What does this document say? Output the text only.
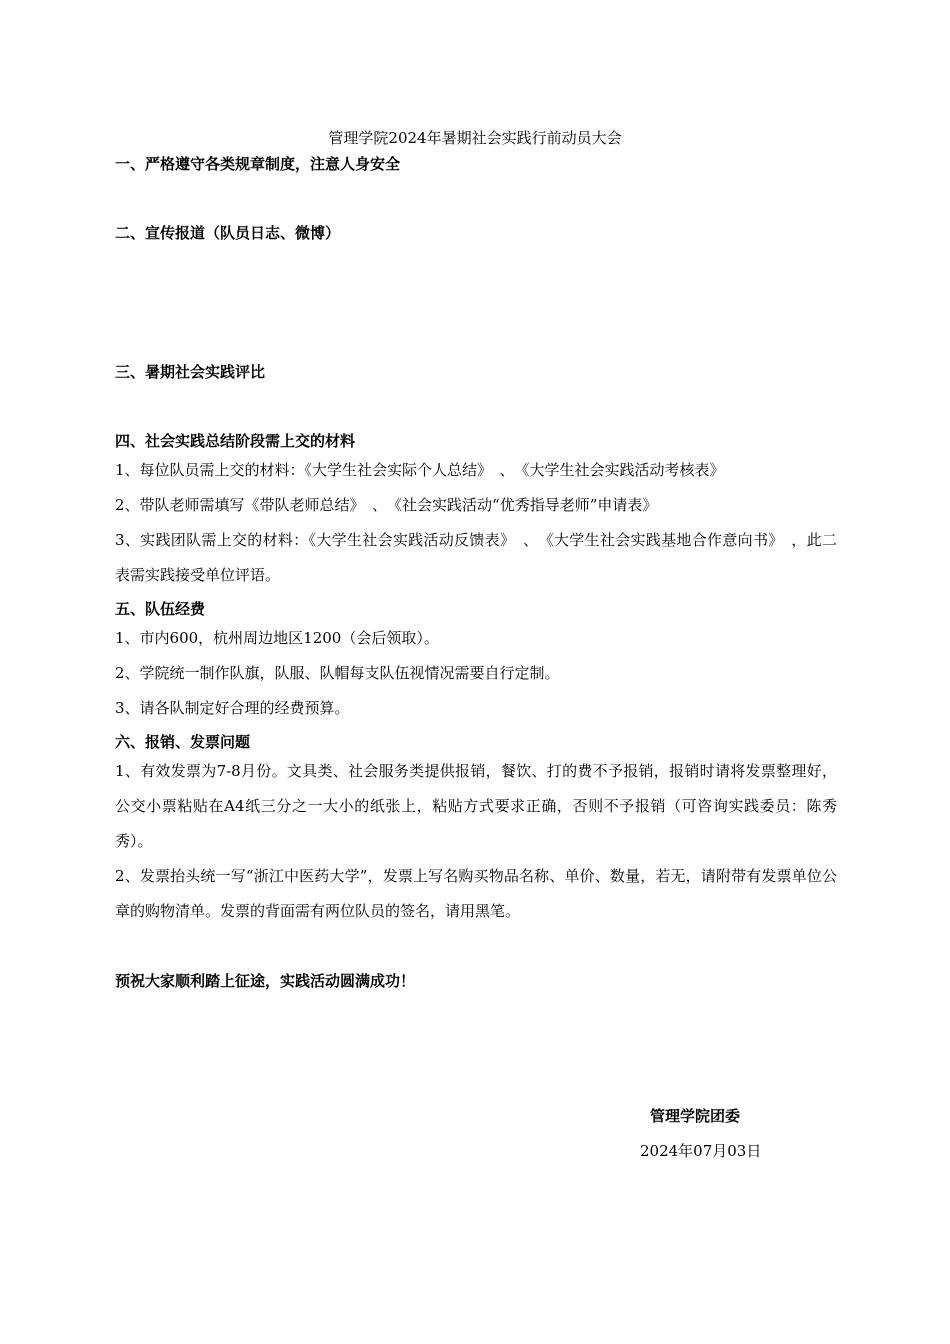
管理学院2024年暑期社会实践行前动员大会

一、严格遵守各类规章制度，注意人身安全

二、宣传报道（队员日志、微博）

三、暑期社会实践评比

四、社会实践总结阶段需上交的材料

1、每位队员需上交的材料：《大学生社会实际个人总结》　、　《大学生社会实践活动考核表》

2、带队老师需填写《带队老师总结》　、　《社会实践活动“优秀指导老师”申请表》

3、实践团队需上交的材料：《大学生社会实践活动反馈表》　、　《大学生社会实践基地合作意向书》　，此二表需实践接受单位评语。

五、队伍经费

1、市内600，杭州周边地区1200（会后领取）。

2、学院统一制作队旗，队服、队帽每支队伍视情况需要自行定制。

3、请各队制定好合理的经费预算。

六、报销、发票问题

1、有效发票为7-8月份。文具类、社会服务类提供报销，餐饮、打的费不予报销，报销时请将发票整理好，公交小票粘贴在A4纸三分之一大小的纸张上，粘贴方式要求正确，否则不予报销（可咨询实践委员：陈秀秀）。

2、发票抬头统一写“浙江中医药大学”，发票上写名购买物品名称、单价、数量，若无，请附带有发票单位公章的购物清单。发票的背面需有两位队员的签名，请用黑笔。

预祝大家顺利踏上征途，实践活动圆满成功！

管理学院团委
2024年07月03日
